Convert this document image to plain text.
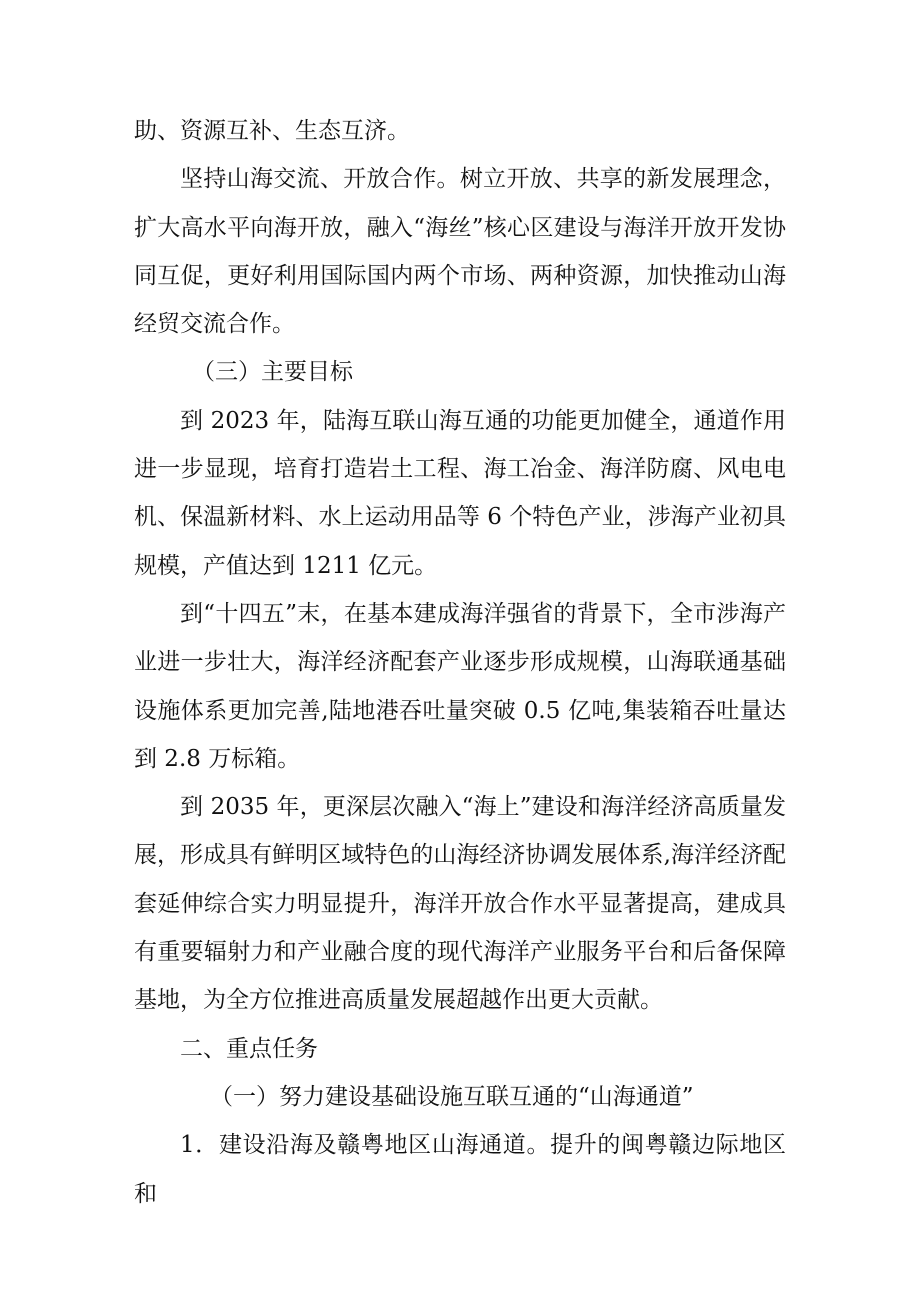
助、资源互补、生态互济。

坚持山海交流、开放合作。树立开放、共享的新发展理念，扩大高水平向海开放，融入“海丝”核心区建设与海洋开放开发协同互促，更好利用国际国内两个市场、两种资源，加快推动山海经贸交流合作。

（三）主要目标

到 2023 年，陆海互联山海互通的功能更加健全，通道作用进一步显现，培育打造岩土工程、海工冶金、海洋防腐、风电电机、保温新材料、水上运动用品等 6 个特色产业，涉海产业初具规模，产值达到 1211 亿元。

到“十四五”末，在基本建成海洋强省的背景下，全市涉海产业进一步壮大，海洋经济配套产业逐步形成规模，山海联通基础设施体系更加完善,陆地港吞吐量突破 0.5 亿吨,集装箱吞吐量达到 2.8 万标箱。

到 2035 年，更深层次融入“海上”建设和海洋经济高质量发展，形成具有鲜明区域特色的山海经济协调发展体系,海洋经济配套延伸综合实力明显提升，海洋开放合作水平显著提高，建成具有重要辐射力和产业融合度的现代海洋产业服务平台和后备保障基地，为全方位推进高质量发展超越作出更大贡献。

二、重点任务

（一）努力建设基础设施互联互通的“山海通道”

1．建设沿海及赣粤地区山海通道。提升的闽粤赣边际地区和
